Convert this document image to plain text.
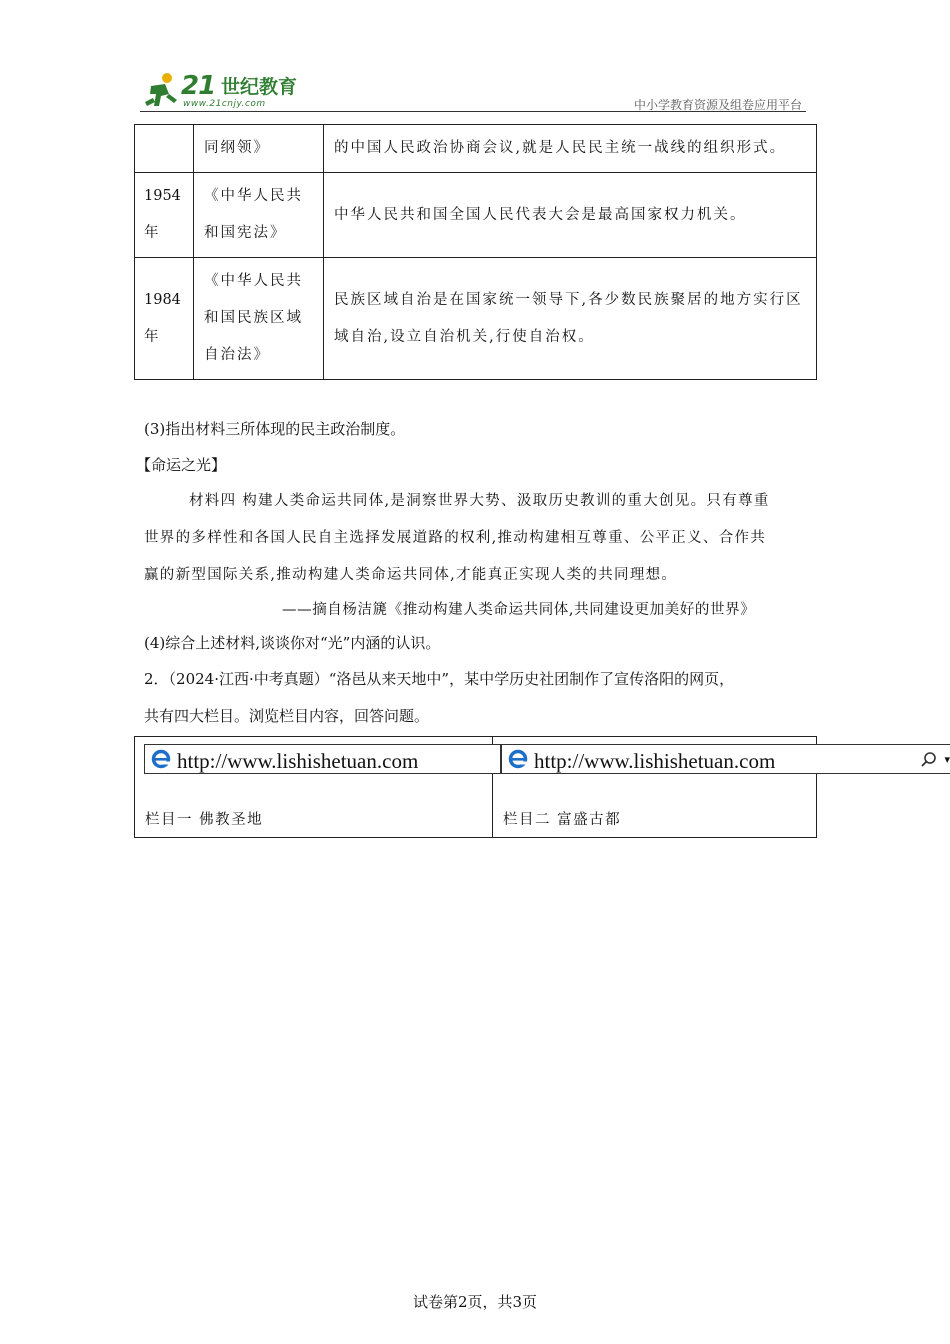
21 世纪教育
www.21cnjy.com	中小学教育资源及组卷应用平台
	同纲领》	的中国人民政治协商会议,就是人民民主统一战线的组织形式。
1954年	《中华人民共和国宪法》	中华人民共和国全国人民代表大会是最高国家权力机关。
1984年	《中华人民共和国民族区域自治法》	民族区域自治是在国家统一领导下,各少数民族聚居的地方实行区域自治,设立自治机关,行使自治权。
(3)指出材料三所体现的民主政治制度。
【命运之光】
材料四 构建人类命运共同体,是洞察世界大势、汲取历史教训的重大创见。只有尊重
世界的多样性和各国人民自主选择发展道路的权利,推动构建相互尊重、公平正义、合作共
赢的新型国际关系,推动构建人类命运共同体,才能真正实现人类的共同理想。
——摘自杨洁篪《推动构建人类命运共同体,共同建设更加美好的世界》
(4)综合上述材料,谈谈你对“光”内涵的认识。
2．（2024·江西·中考真题）“洛邑从来天地中”，某中学历史社团制作了宣传洛阳的网页，
共有四大栏目。浏览栏目内容，回答问题。
栏目一 佛教圣地	栏目二 富盛古都
http://www.lishishetuan.com	http://www.lishishetuan.com	▾
试卷第2页，共3页
